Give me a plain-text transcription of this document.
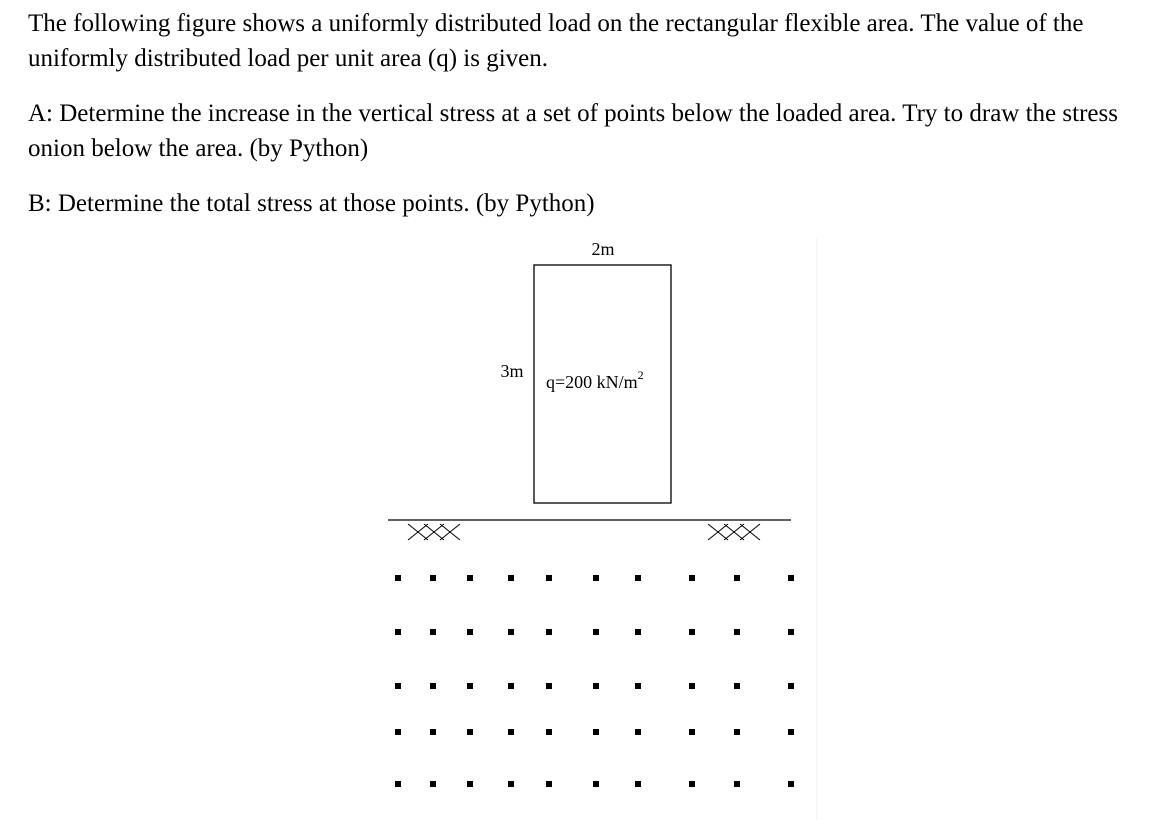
The following figure shows a uniformly distributed load on the rectangular flexible area. The value of the uniformly distributed load per unit area (q) is given.

A: Determine the increase in the vertical stress at a set of points below the loaded area. Try to draw the stress onion below the area. (by Python)

B: Determine the total stress at those points. (by Python)

2m
3m
q=200 $kN/m^2$
